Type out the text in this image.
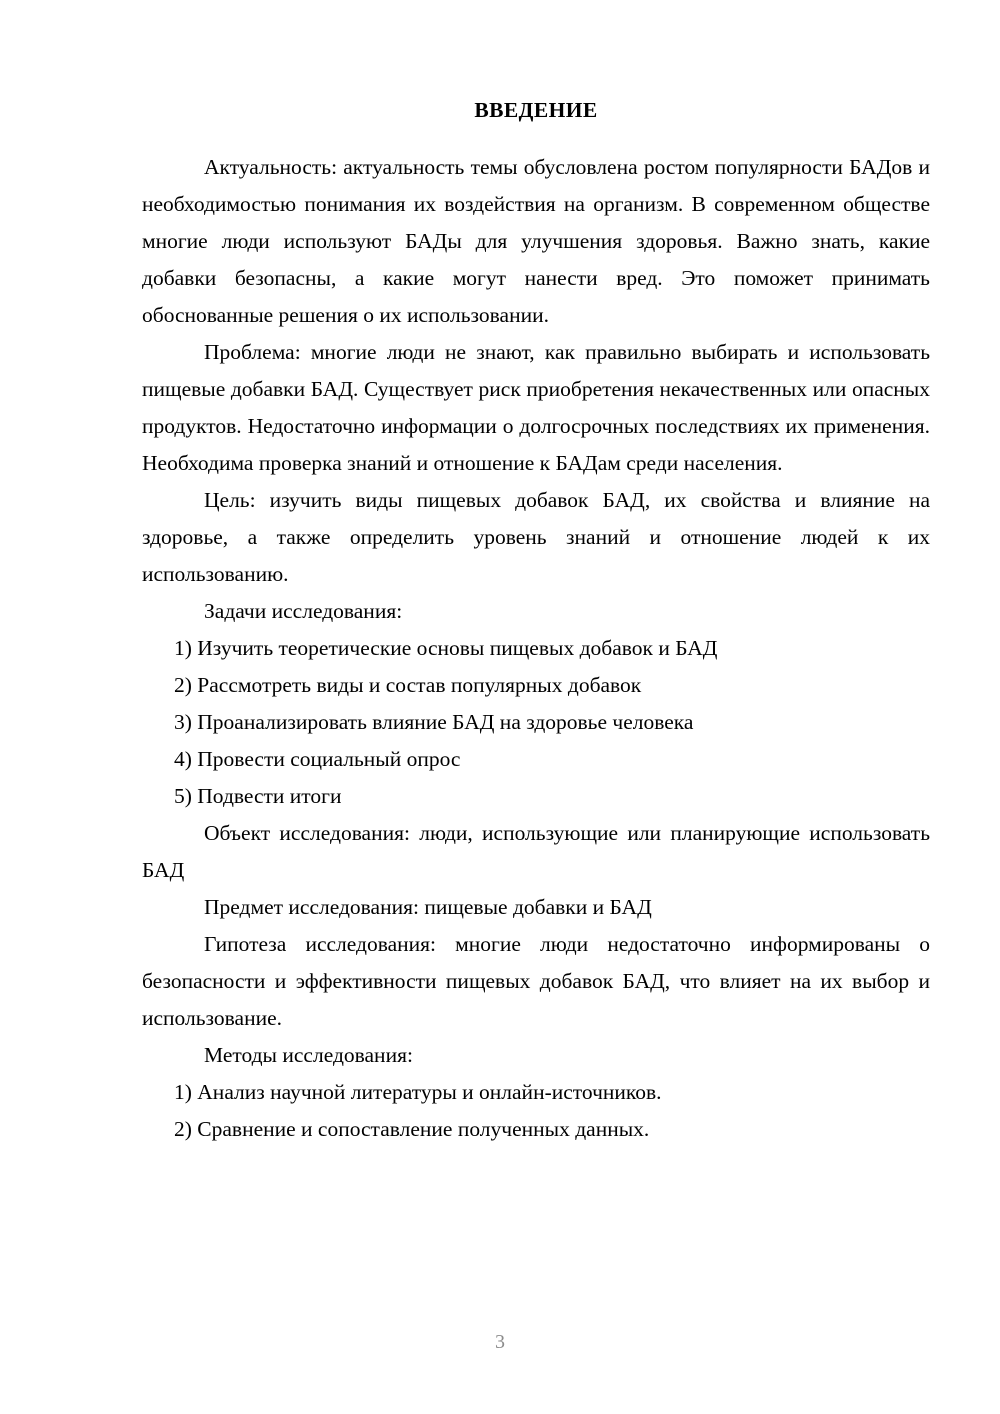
ВВЕДЕНИЕ

Актуальность: актуальность темы обусловлена ростом популярности БАДов и необходимостью понимания их воздействия на организм. В современном обществе многие люди используют БАДы для улучшения здоровья. Важно знать, какие добавки безопасны, а какие могут нанести вред. Это поможет принимать обоснованные решения о их использовании.

Проблема: многие люди не знают, как правильно выбирать и использовать пищевые добавки БАД. Существует риск приобретения некачественных или опасных продуктов. Недостаточно информации о долгосрочных последствиях их применения. Необходима проверка знаний и отношение к БАДам среди населения.

Цель: изучить виды пищевых добавок БАД, их свойства и влияние на здоровье, а также определить уровень знаний и отношение людей к их использованию.

Задачи исследования:

1) Изучить теоретические основы пищевых добавок и БАД

2) Рассмотреть виды и состав популярных добавок

3) Проанализировать влияние БАД на здоровье человека

4) Провести социальный опрос

5) Подвести итоги

Объект исследования: люди, использующие или планирующие использовать БАД

Предмет исследования: пищевые добавки и БАД

Гипотеза исследования: многие люди недостаточно информированы о безопасности и эффективности пищевых добавок БАД, что влияет на их выбор и использование.

Методы исследования:

1) Анализ научной литературы и онлайн-источников.

2) Сравнение и сопоставление полученных данных.

3
